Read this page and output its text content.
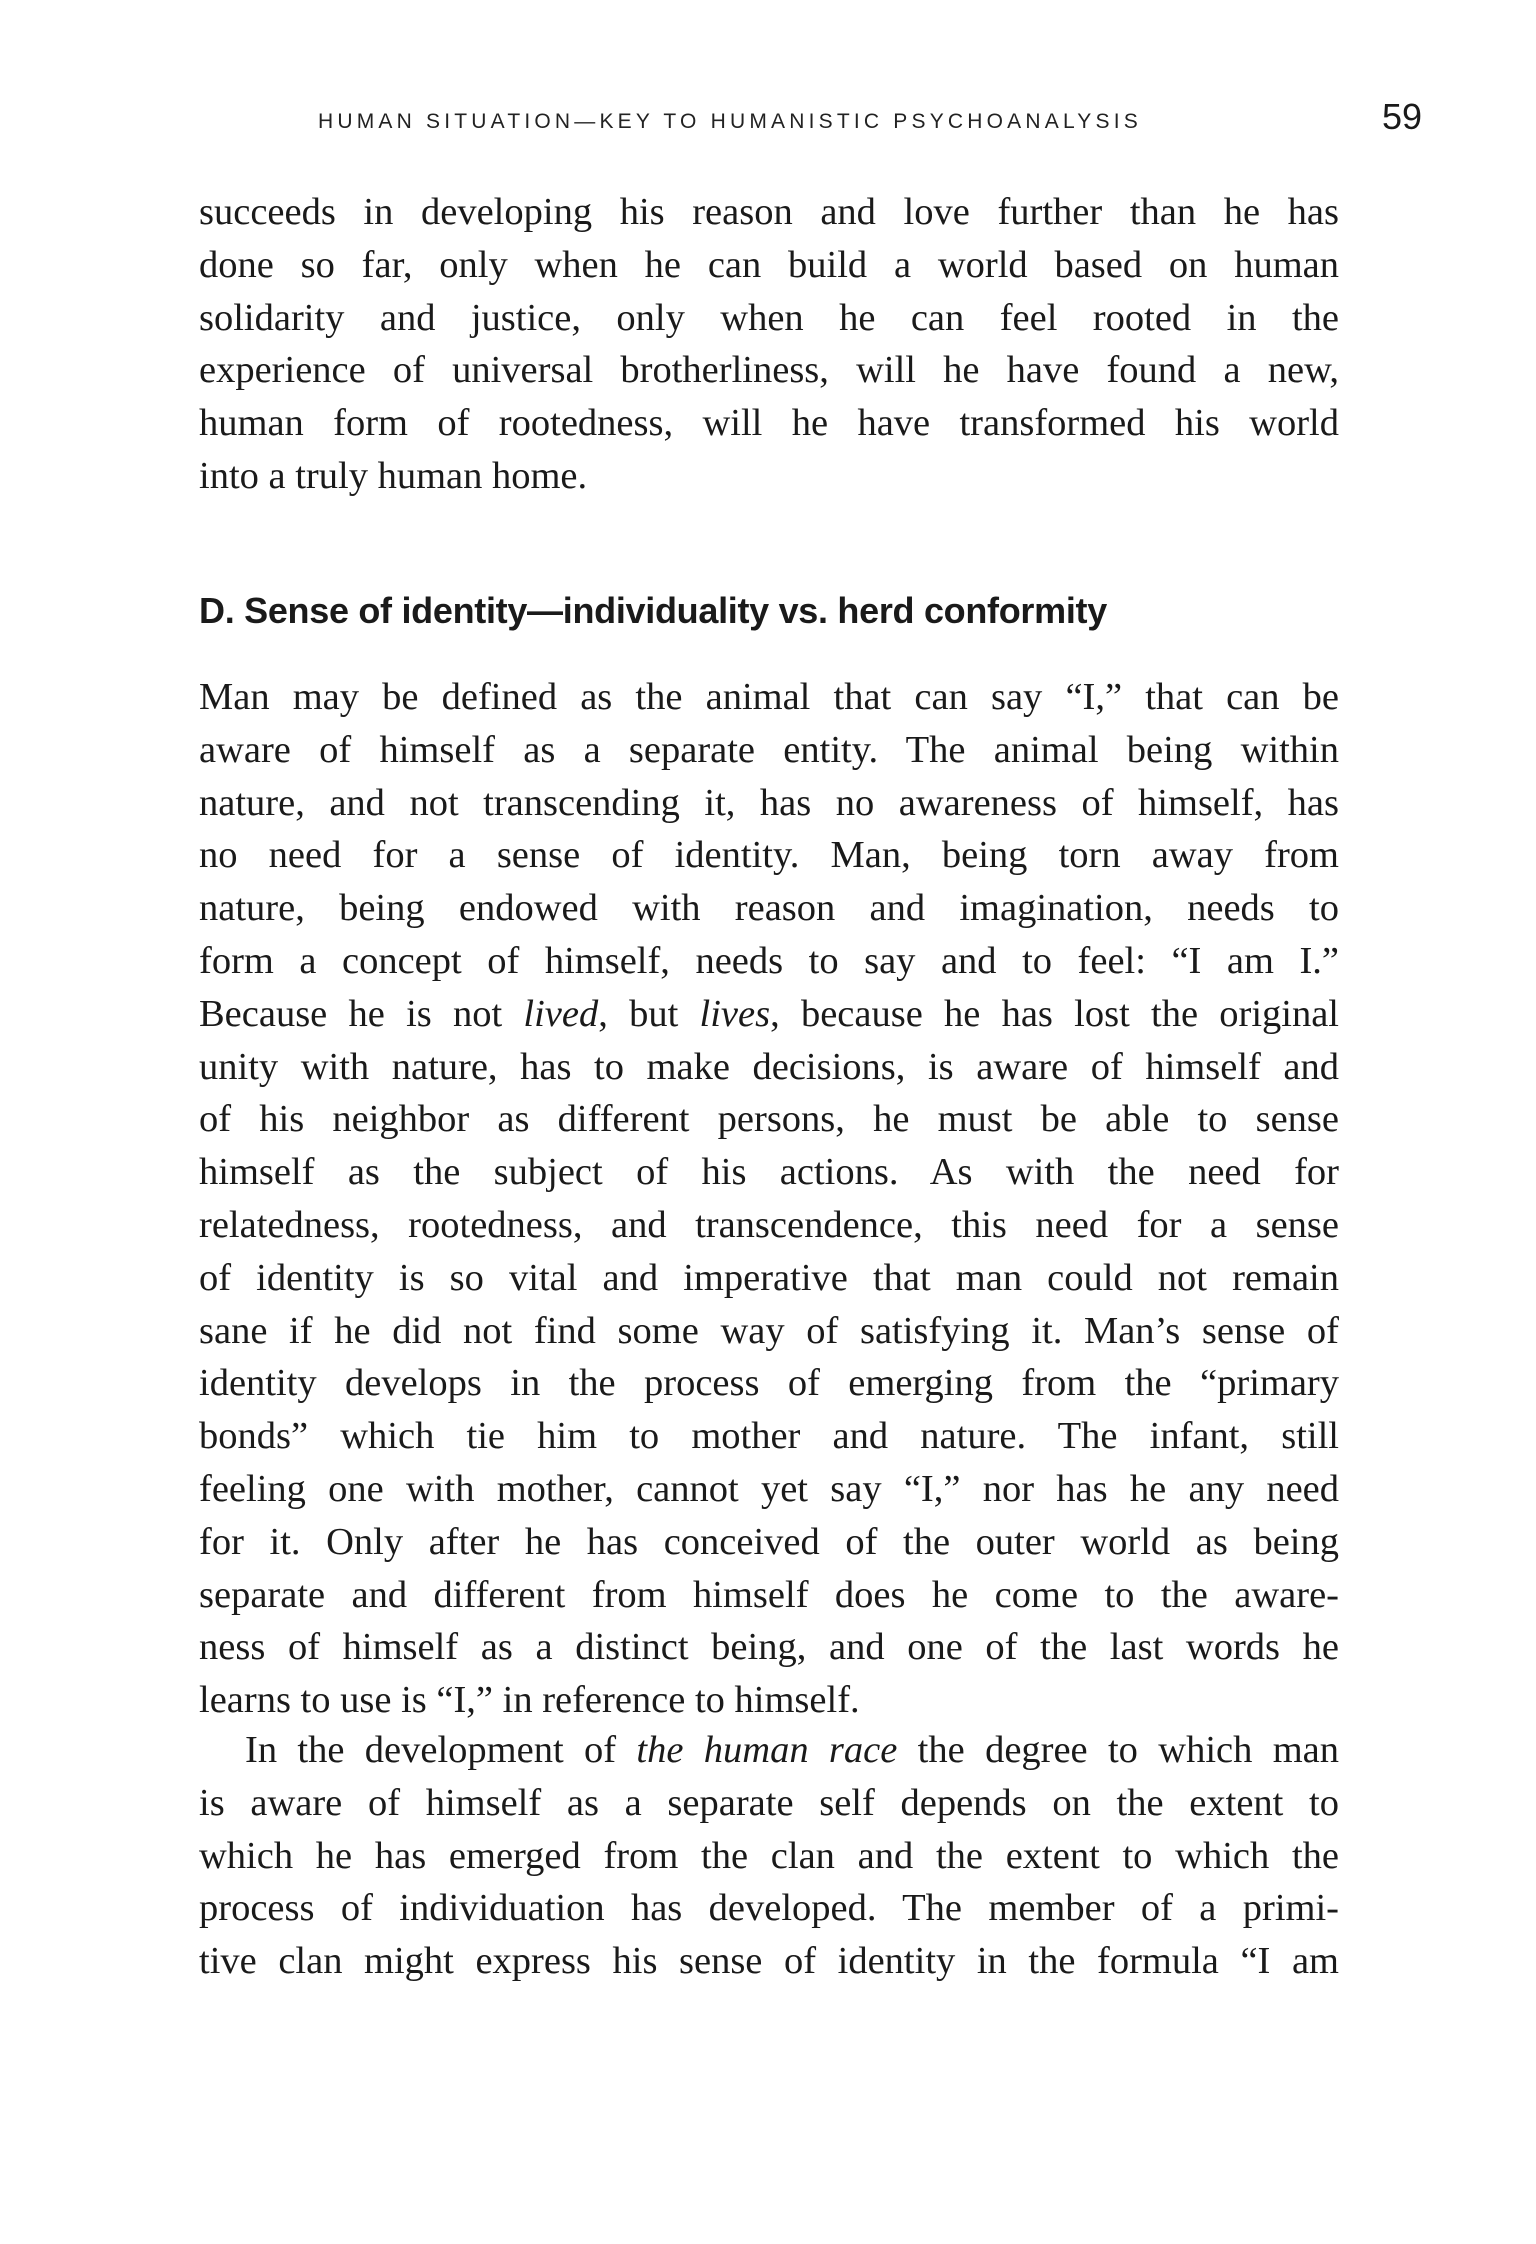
HUMAN SITUATION—KEY TO HUMANISTIC PSYCHOANALYSIS	59
succeeds in developing his reason and love further than he has
done so far, only when he can build a world based on human
solidarity and justice, only when he can feel rooted in the
experience of universal brotherliness, will he have found a new,
human form of rootedness, will he have transformed his world
into a truly human home.
D. Sense of identity—individuality vs. herd conformity
Man may be defined as the animal that can say “I,” that can be
aware of himself as a separate entity. The animal being within
nature, and not transcending it, has no awareness of himself, has
no need for a sense of identity. Man, being torn away from
nature, being endowed with reason and imagination, needs to
form a concept of himself, needs to say and to feel: “I am I.”
Because he is not lived, but lives, because he has lost the original
unity with nature, has to make decisions, is aware of himself and
of his neighbor as different persons, he must be able to sense
himself as the subject of his actions. As with the need for
relatedness, rootedness, and transcendence, this need for a sense
of identity is so vital and imperative that man could not remain
sane if he did not find some way of satisfying it. Man’s sense of
identity develops in the process of emerging from the “primary
bonds” which tie him to mother and nature. The infant, still
feeling one with mother, cannot yet say “I,” nor has he any need
for it. Only after he has conceived of the outer world as being
separate and different from himself does he come to the aware-
ness of himself as a distinct being, and one of the last words he
learns to use is “I,” in reference to himself.
In the development of the human race the degree to which man
is aware of himself as a separate self depends on the extent to
which he has emerged from the clan and the extent to which the
process of individuation has developed. The member of a primi-
tive clan might express his sense of identity in the formula “I am
